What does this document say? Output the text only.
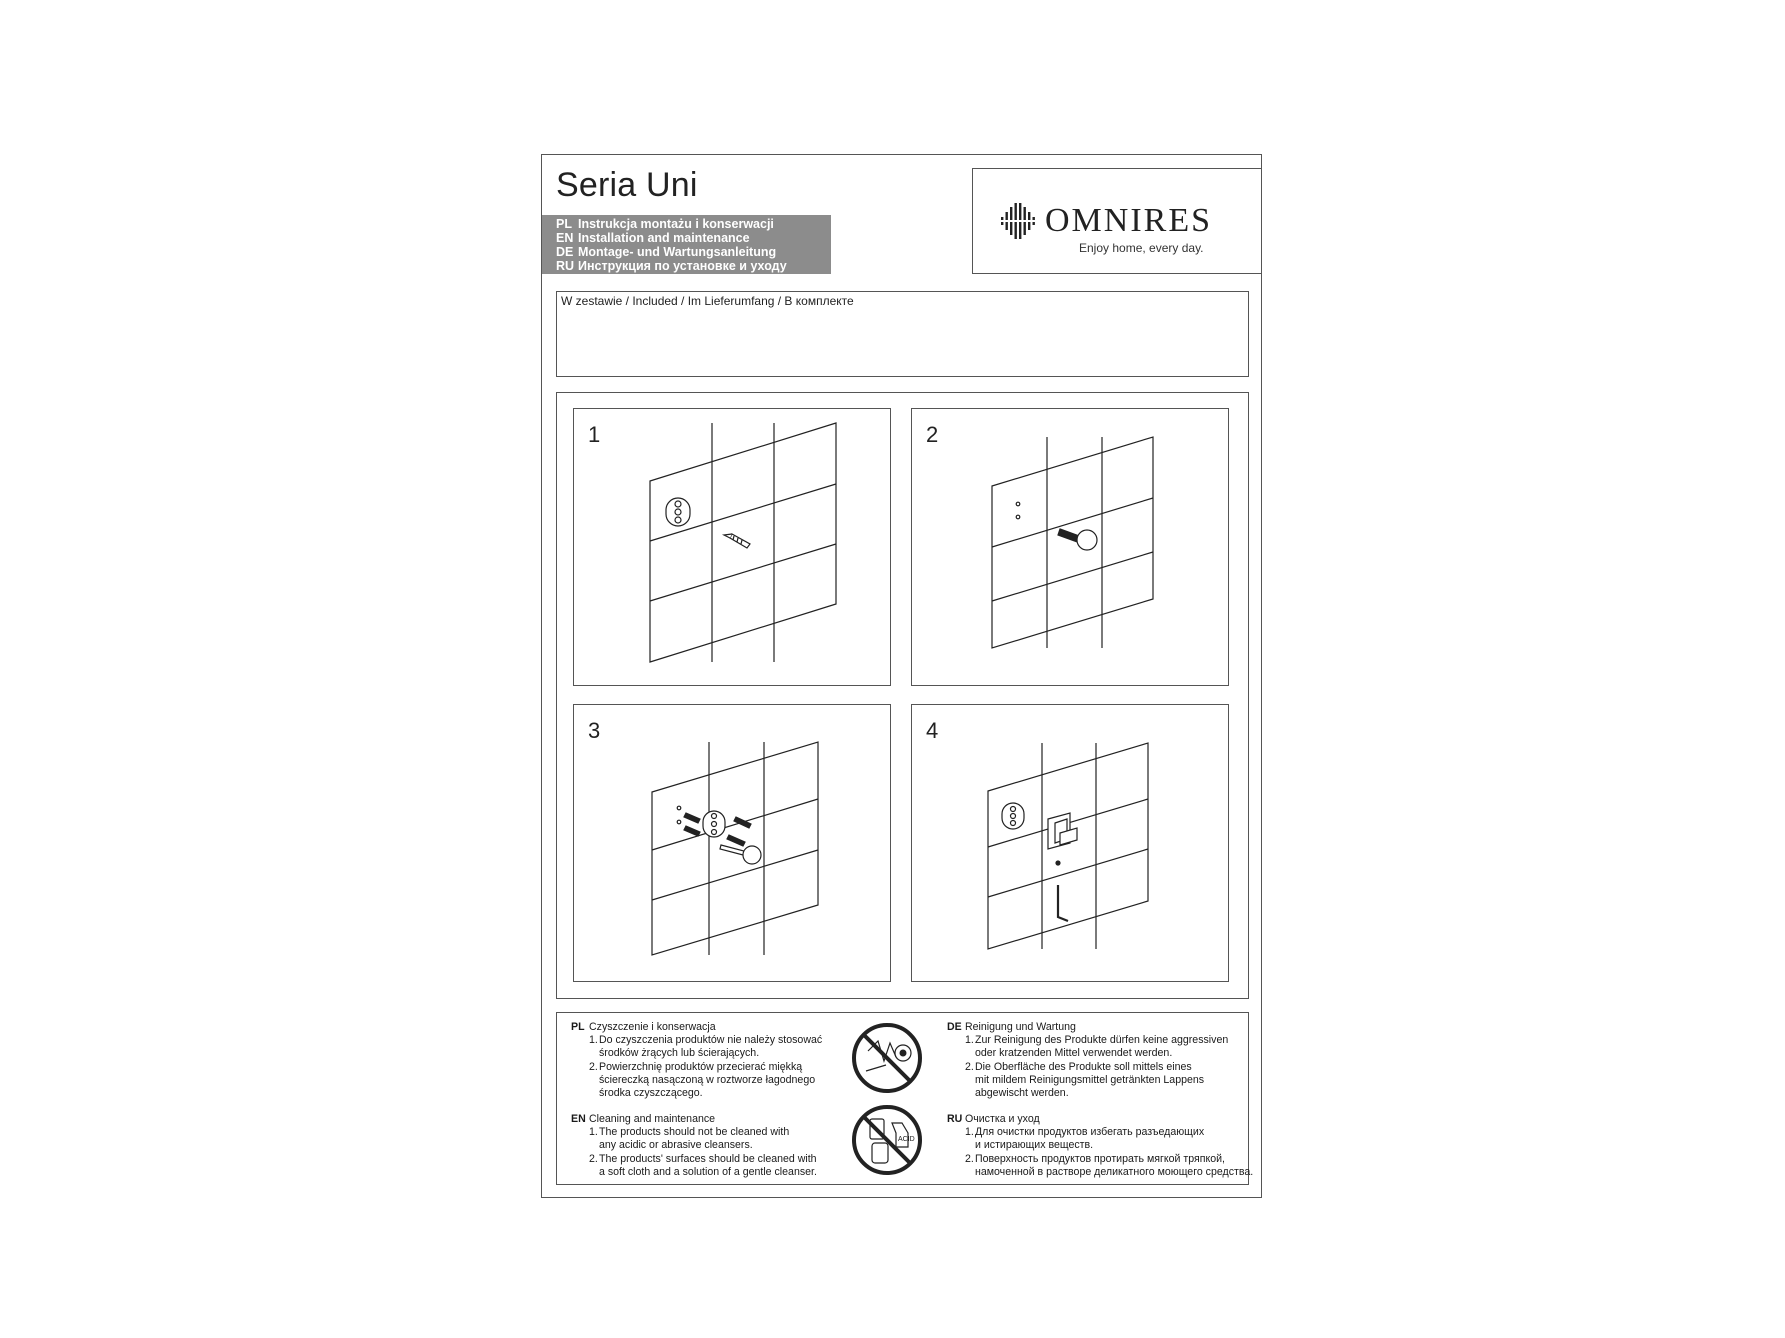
Seria Uni
PL Instrukcja montażu i konserwacji
EN Installation and maintenance
DE Montage- und Wartungsanleitung
RU Инструкция по установке и уходу
OMNIRES
Enjoy home, every day.
W zestawie / Included / Im Lieferumfang / В комплекте
1	2
3	4
PL Czyszczenie i konserwacja
1. Do czyszczenia produktów nie należy stosować
środków żrących lub ścierających.
2. Powierzchnię produktów przecierać miękką
ściereczką nasączoną w roztworze łagodnego
środka czyszczącego.
EN Cleaning and maintenance
1. The products should not be cleaned with
any acidic or abrasive cleansers.
2. The products' surfaces should be cleaned with
a soft cloth and a solution of a gentle cleanser.
ACID
DE Reinigung und Wartung
1. Zur Reinigung des Produkte dürfen keine aggressiven
oder kratzenden Mittel verwendet werden.
2. Die Oberfläche des Produkte soll mittels eines
mit mildem Reinigungsmittel getränkten Lappens
abgewischt werden.
RU Очистка и уход
1. Для очистки продуктов избегать разъедающих
и истирающих веществ.
2. Поверхность продуктов протирать мягкой тряпкой,
намоченной в растворе деликатного моющего средства.
